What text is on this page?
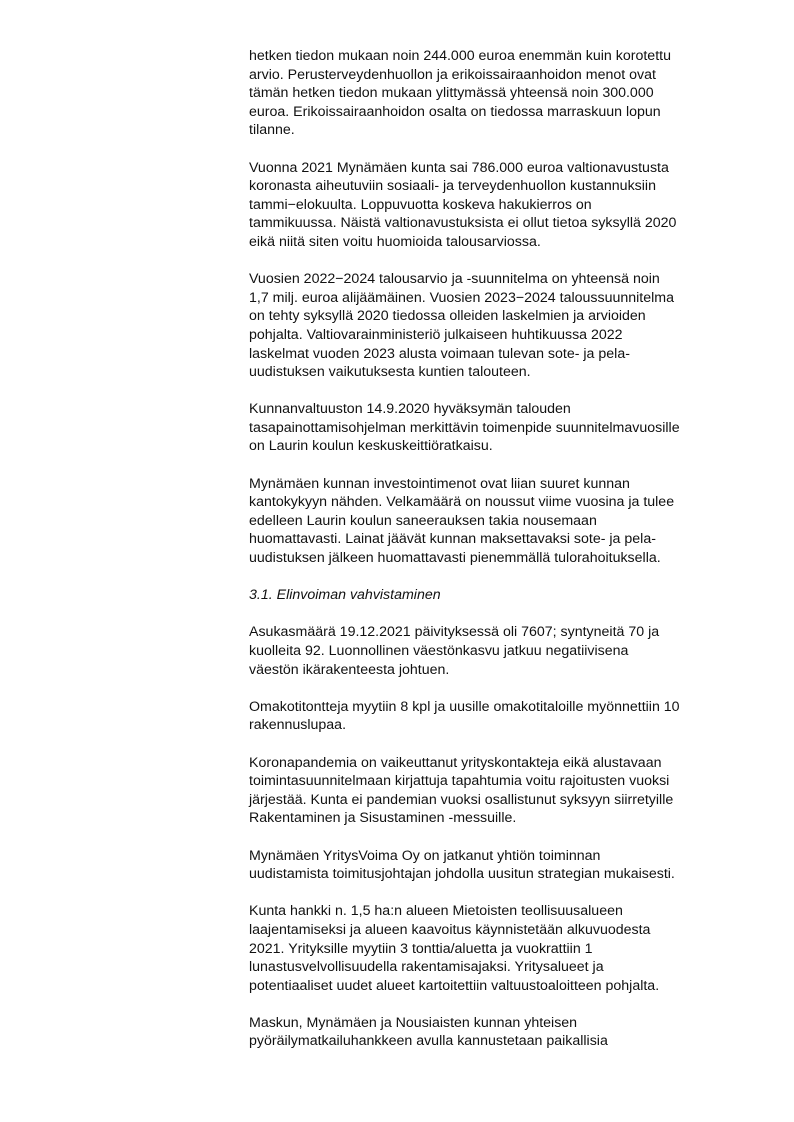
hetken tiedon mukaan noin 244.000 euroa enemmän kuin korotettu
arvio. Perusterveydenhuollon ja erikoissairaanhoidon menot ovat
tämän hetken tiedon mukaan ylittymässä yhteensä noin 300.000
euroa. Erikoissairaanhoidon osalta on tiedossa marraskuun lopun
tilanne.
Vuonna 2021 Mynämäen kunta sai 786.000 euroa valtionavustusta
koronasta aiheutuviin sosiaali- ja terveydenhuollon kustannuksiin
tammi−elokuulta. Loppuvuotta koskeva hakukierros on
tammikuussa. Näistä valtionavustuksista ei ollut tietoa syksyllä 2020
eikä niitä siten voitu huomioida talousarviossa.
Vuosien 2022−2024 talousarvio ja -suunnitelma on yhteensä noin
1,7 milj. euroa alijäämäinen. Vuosien 2023−2024 taloussuunnitelma
on tehty syksyllä 2020 tiedossa olleiden laskelmien ja arvioiden
pohjalta. Valtiovarainministeriö julkaiseen huhtikuussa 2022
laskelmat vuoden 2023 alusta voimaan tulevan sote- ja pela-
uudistuksen vaikutuksesta kuntien talouteen.
Kunnanvaltuuston 14.9.2020 hyväksymän talouden
tasapainottamisohjelman merkittävin toimenpide suunnitelmavuosille
on Laurin koulun keskuskeittiöratkaisu.
Mynämäen kunnan investointimenot ovat liian suuret kunnan
kantokykyyn nähden. Velkamäärä on noussut viime vuosina ja tulee
edelleen Laurin koulun saneerauksen takia nousemaan
huomattavasti. Lainat jäävät kunnan maksettavaksi sote- ja pela-
uudistuksen jälkeen huomattavasti pienemmällä tulorahoituksella.
3.1. Elinvoiman vahvistaminen
Asukasmäärä 19.12.2021 päivityksessä oli 7607; syntyneitä 70 ja
kuolleita 92. Luonnollinen väestönkasvu jatkuu negatiivisena
väestön ikärakenteesta johtuen.
Omakotitontteja myytiin 8 kpl ja uusille omakotitaloille myönnettiin 10
rakennuslupaa.
Koronapandemia on vaikeuttanut yrityskontakteja eikä alustavaan
toimintasuunnitelmaan kirjattuja tapahtumia voitu rajoitusten vuoksi
järjestää. Kunta ei pandemian vuoksi osallistunut syksyyn siirretyille
Rakentaminen ja Sisustaminen -messuille.
Mynämäen YritysVoima Oy on jatkanut yhtiön toiminnan
uudistamista toimitusjohtajan johdolla uusitun strategian mukaisesti.
Kunta hankki n. 1,5 ha:n alueen Mietoisten teollisuusalueen
laajentamiseksi ja alueen kaavoitus käynnistetään alkuvuodesta
2021. Yrityksille myytiin 3 tonttia/aluetta ja vuokrattiin 1
lunastusvelvollisuudella rakentamisajaksi. Yritysalueet ja
potentiaaliset uudet alueet kartoitettiin valtuustoaloitteen pohjalta.
Maskun, Mynämäen ja Nousiaisten kunnan yhteisen
pyöräilymatkailuhankkeen avulla kannustetaan paikallisia
